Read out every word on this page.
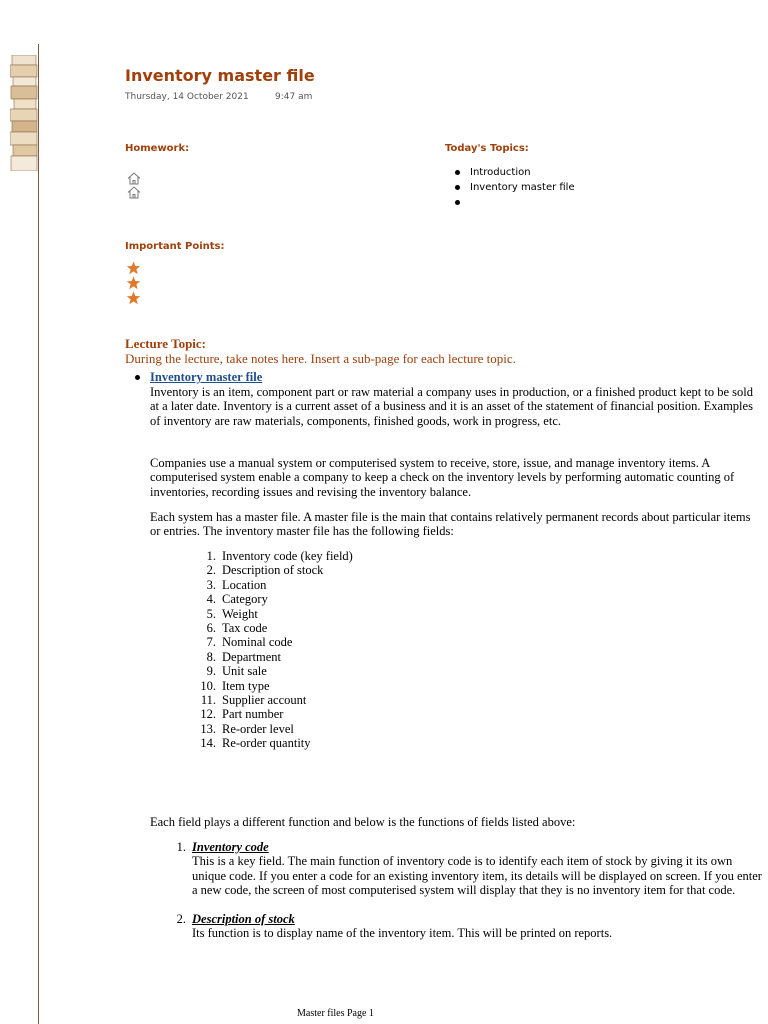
Inventory master file
Thursday, 14 October 2021	9:47 am
Homework:	Today's Topics:
Introduction
Inventory master file
Important Points:
Lecture Topic:
During the lecture, take notes here. Insert a sub-page for each lecture topic.
Inventory master file

Inventory is an item, component part or raw material a company uses in production, or a finished product kept to be sold at a later date. Inventory is a current asset of a business and it is an asset of the statement of financial position. Examples of inventory are raw materials, components, finished goods, work in progress, etc.

Companies use a manual system or computerised system to receive, store, issue, and manage inventory items. A computerised system enable a company to keep a check on the inventory levels by performing automatic counting of inventories, recording issues and revising the inventory balance.

Each system has a master file. A master file is the main that contains relatively permanent records about particular items or entries. The inventory master file has the following fields:

1. Inventory code (key field)
2. Description of stock
3. Location
4. Category
5. Weight
6. Tax code
7. Nominal code
8. Department
9. Unit sale
10. Item type
11. Supplier account
12. Part number
13. Re-order level
14. Re-order quantity

Each field plays a different function and below is the functions of fields listed above:

1. Inventory code
This is a key field. The main function of inventory code is to identify each item of stock by giving it its own unique code. If you enter a code for an existing inventory item, its details will be displayed on screen. If you enter a new code, the screen of most computerised system will display that they is no inventory item for that code.
2. Description of stock
Its function is to display name of the inventory item. This will be printed on reports.
Master files Page 1
